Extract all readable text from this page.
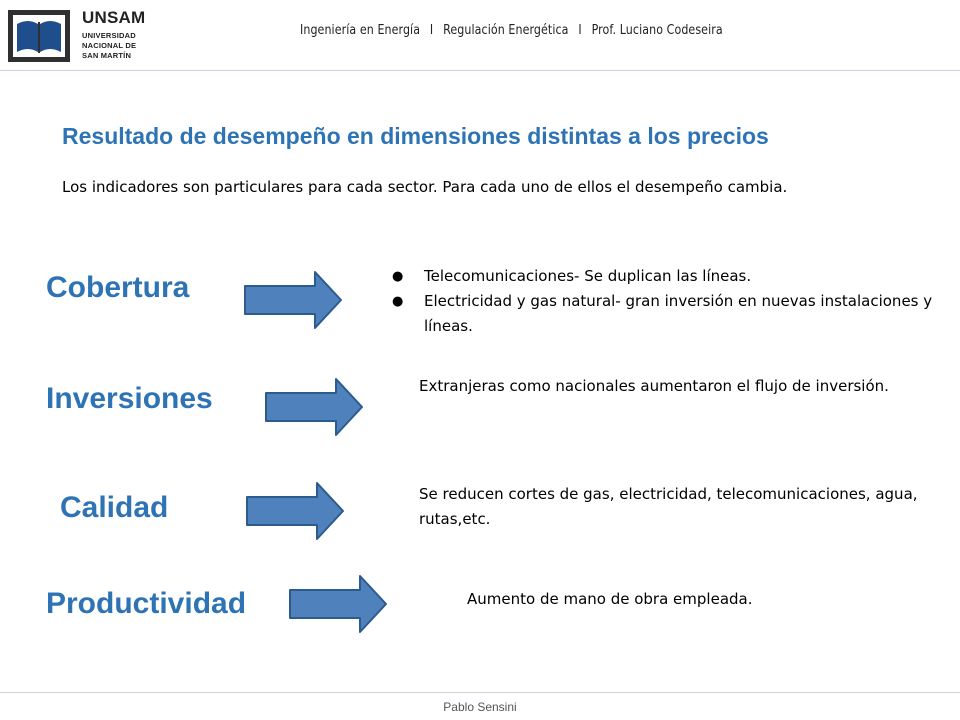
UNSAM
UNIVERSIDAD
NACIONAL DE
SAN MARTÍN
Ingeniería en Energía I Regulación Energética I Prof. Luciano Codeseira
Resultado de desempeño en dimensiones distintas a los precios
Los indicadores son particulares para cada sector. Para cada uno de ellos el desempeño cambia.
Cobertura	● Telecomunicaciones- Se duplican las líneas.
● Electricidad y gas natural- gran inversión en nuevas instalaciones y líneas.
Inversiones	Extranjeras como nacionales aumentaron el flujo de inversión.
Calidad	Se reducen cortes de gas, electricidad, telecomunicaciones, agua, rutas,etc.
Productividad	Aumento de mano de obra empleada.
Pablo Sensini
